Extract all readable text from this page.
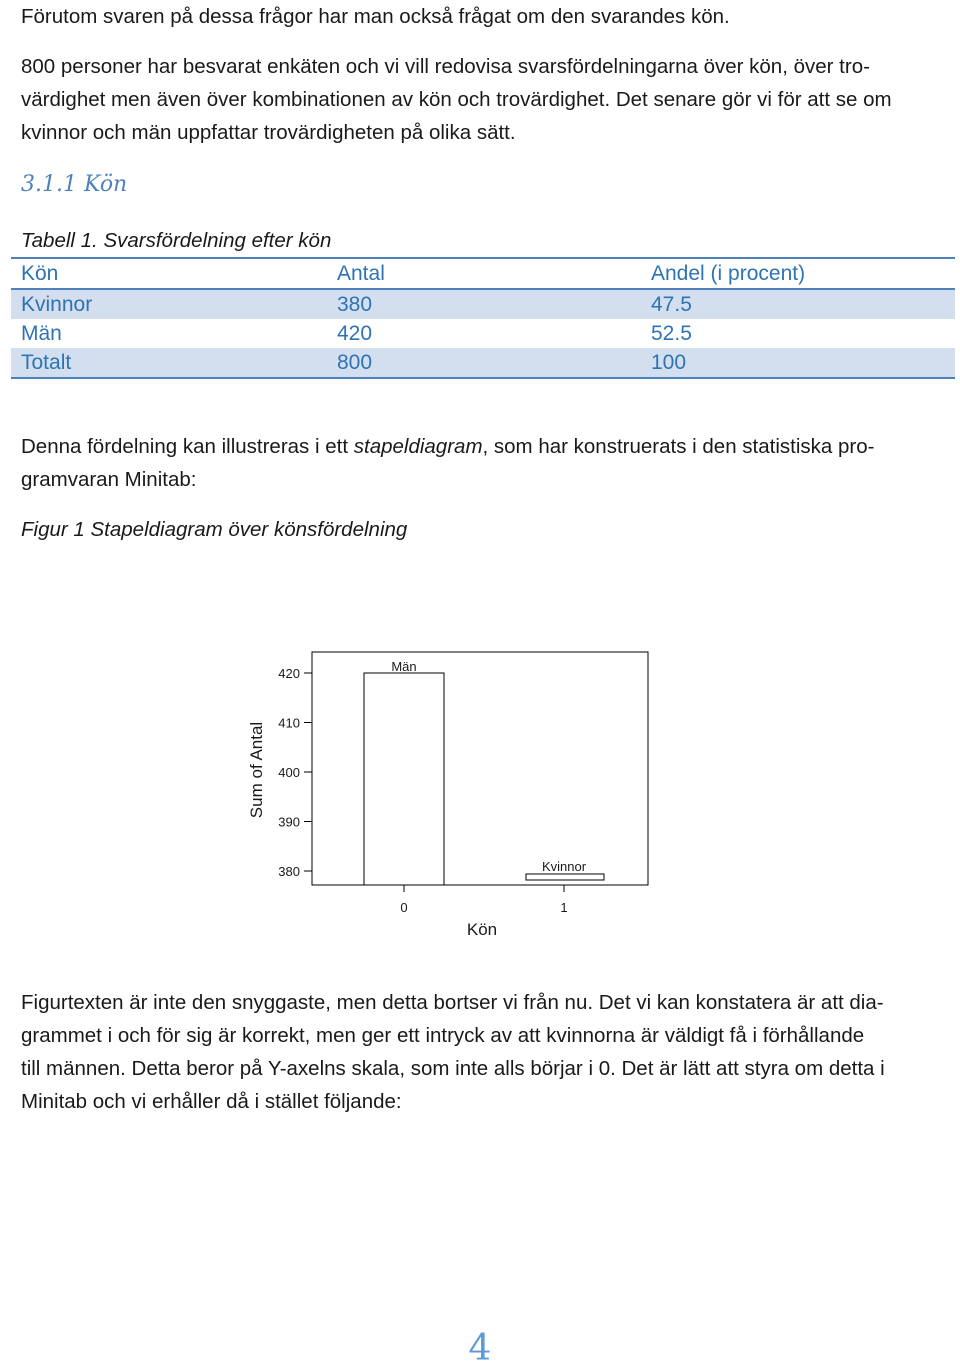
Förutom svaren på dessa frågor har man också frågat om den svarandes kön.

800 personer har besvarat enkäten och vi vill redovisa svarsfördelningarna över kön, över tro-

värdighet men även över kombinationen av kön och trovärdighet. Det senare gör vi för att se om

kvinnor och män uppfattar trovärdigheten på olika sätt.

3.1.1 Kön

Tabell 1. Svarsfördelning efter kön

Kön	Antal	Andel (i procent)
Kvinnor	380	47.5
Män	420	52.5
Totalt	800	100

Denna fördelning kan illustreras i ett stapeldiagram, som har konstruerats i den statistiska pro-

gramvaran Minitab:

Figur 1 Stapeldiagram över könsfördelning

380
390
400
410
420	Män
0
Kvinnor
1
Kön
Sum of Antal

Figurtexten är inte den snyggaste, men detta bortser vi från nu. Det vi kan konstatera är att dia-

grammet i och för sig är korrekt, men ger ett intryck av att kvinnorna är väldigt få i förhållande

till männen. Detta beror på Y-axelns skala, som inte alls börjar i 0. Det är lätt att styra om detta i

Minitab och vi erhåller då i stället följande:

4
